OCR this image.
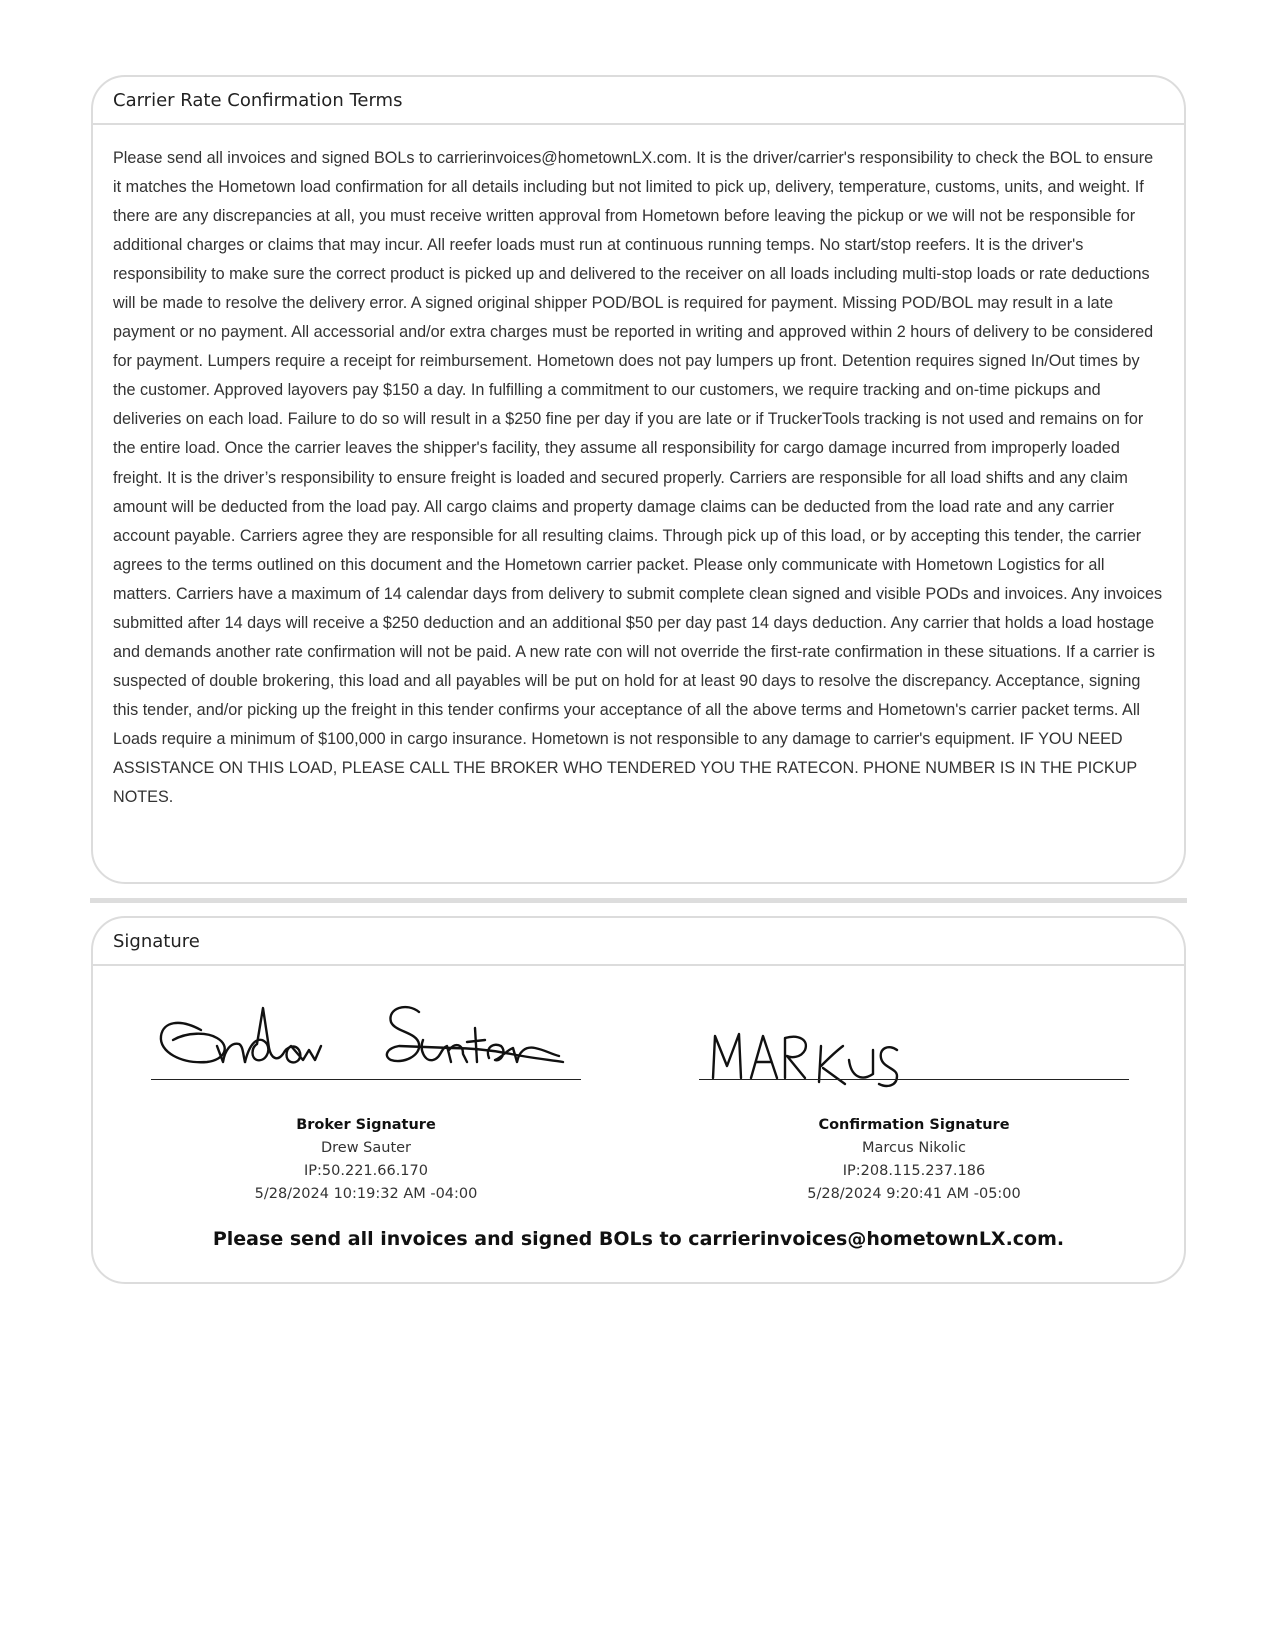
Carrier Rate Confirmation Terms
Please send all invoices and signed BOLs to carrierinvoices@hometownLX.com. It is the driver/carrier's responsibility to check the BOL to ensure it matches the Hometown load confirmation for all details including but not limited to pick up, delivery, temperature, customs, units, and weight. If there are any discrepancies at all, you must receive written approval from Hometown before leaving the pickup or we will not be responsible for additional charges or claims that may incur. All reefer loads must run at continuous running temps. No start/stop reefers. It is the driver's responsibility to make sure the correct product is picked up and delivered to the receiver on all loads including multi-stop loads or rate deductions will be made to resolve the delivery error. A signed original shipper POD/BOL is required for payment. Missing POD/BOL may result in a late payment or no payment. All accessorial and/or extra charges must be reported in writing and approved within 2 hours of delivery to be considered for payment. Lumpers require a receipt for reimbursement. Hometown does not pay lumpers up front. Detention requires signed In/Out times by the customer. Approved layovers pay $150 a day. In fulfilling a commitment to our customers, we require tracking and on-time pickups and deliveries on each load. Failure to do so will result in a $250 fine per day if you are late or if TruckerTools tracking is not used and remains on for the entire load. Once the carrier leaves the shipper's facility, they assume all responsibility for cargo damage incurred from improperly loaded freight. It is the driver’s responsibility to ensure freight is loaded and secured properly. Carriers are responsible for all load shifts and any claim amount will be deducted from the load pay. All cargo claims and property damage claims can be deducted from the load rate and any carrier account payable. Carriers agree they are responsible for all resulting claims. Through pick up of this load, or by accepting this tender, the carrier agrees to the terms outlined on this document and the Hometown carrier packet. Please only communicate with Hometown Logistics for all matters. Carriers have a maximum of 14 calendar days from delivery to submit complete clean signed and visible PODs and invoices. Any invoices submitted after 14 days will receive a $250 deduction and an additional $50 per day past 14 days deduction. Any carrier that holds a load hostage and demands another rate confirmation will not be paid. A new rate con will not override the first-rate confirmation in these situations. If a carrier is suspected of double brokering, this load and all payables will be put on hold for at least 90 days to resolve the discrepancy. Acceptance, signing this tender, and/or picking up the freight in this tender confirms your acceptance of all the above terms and Hometown's carrier packet terms. All Loads require a minimum of $100,000 in cargo insurance. Hometown is not responsible to any damage to carrier's equipment. IF YOU NEED ASSISTANCE ON THIS LOAD, PLEASE CALL THE BROKER WHO TENDERED YOU THE RATECON. PHONE NUMBER IS IN THE PICKUP NOTES.
Signature
Broker Signature
Drew Sauter
IP:50.221.66.170
5/28/2024 10:19:32 AM -04:00
Confirmation Signature
Marcus Nikolic
IP:208.115.237.186
5/28/2024 9:20:41 AM -05:00
Please send all invoices and signed BOLs to carrierinvoices@hometownLX.com.
